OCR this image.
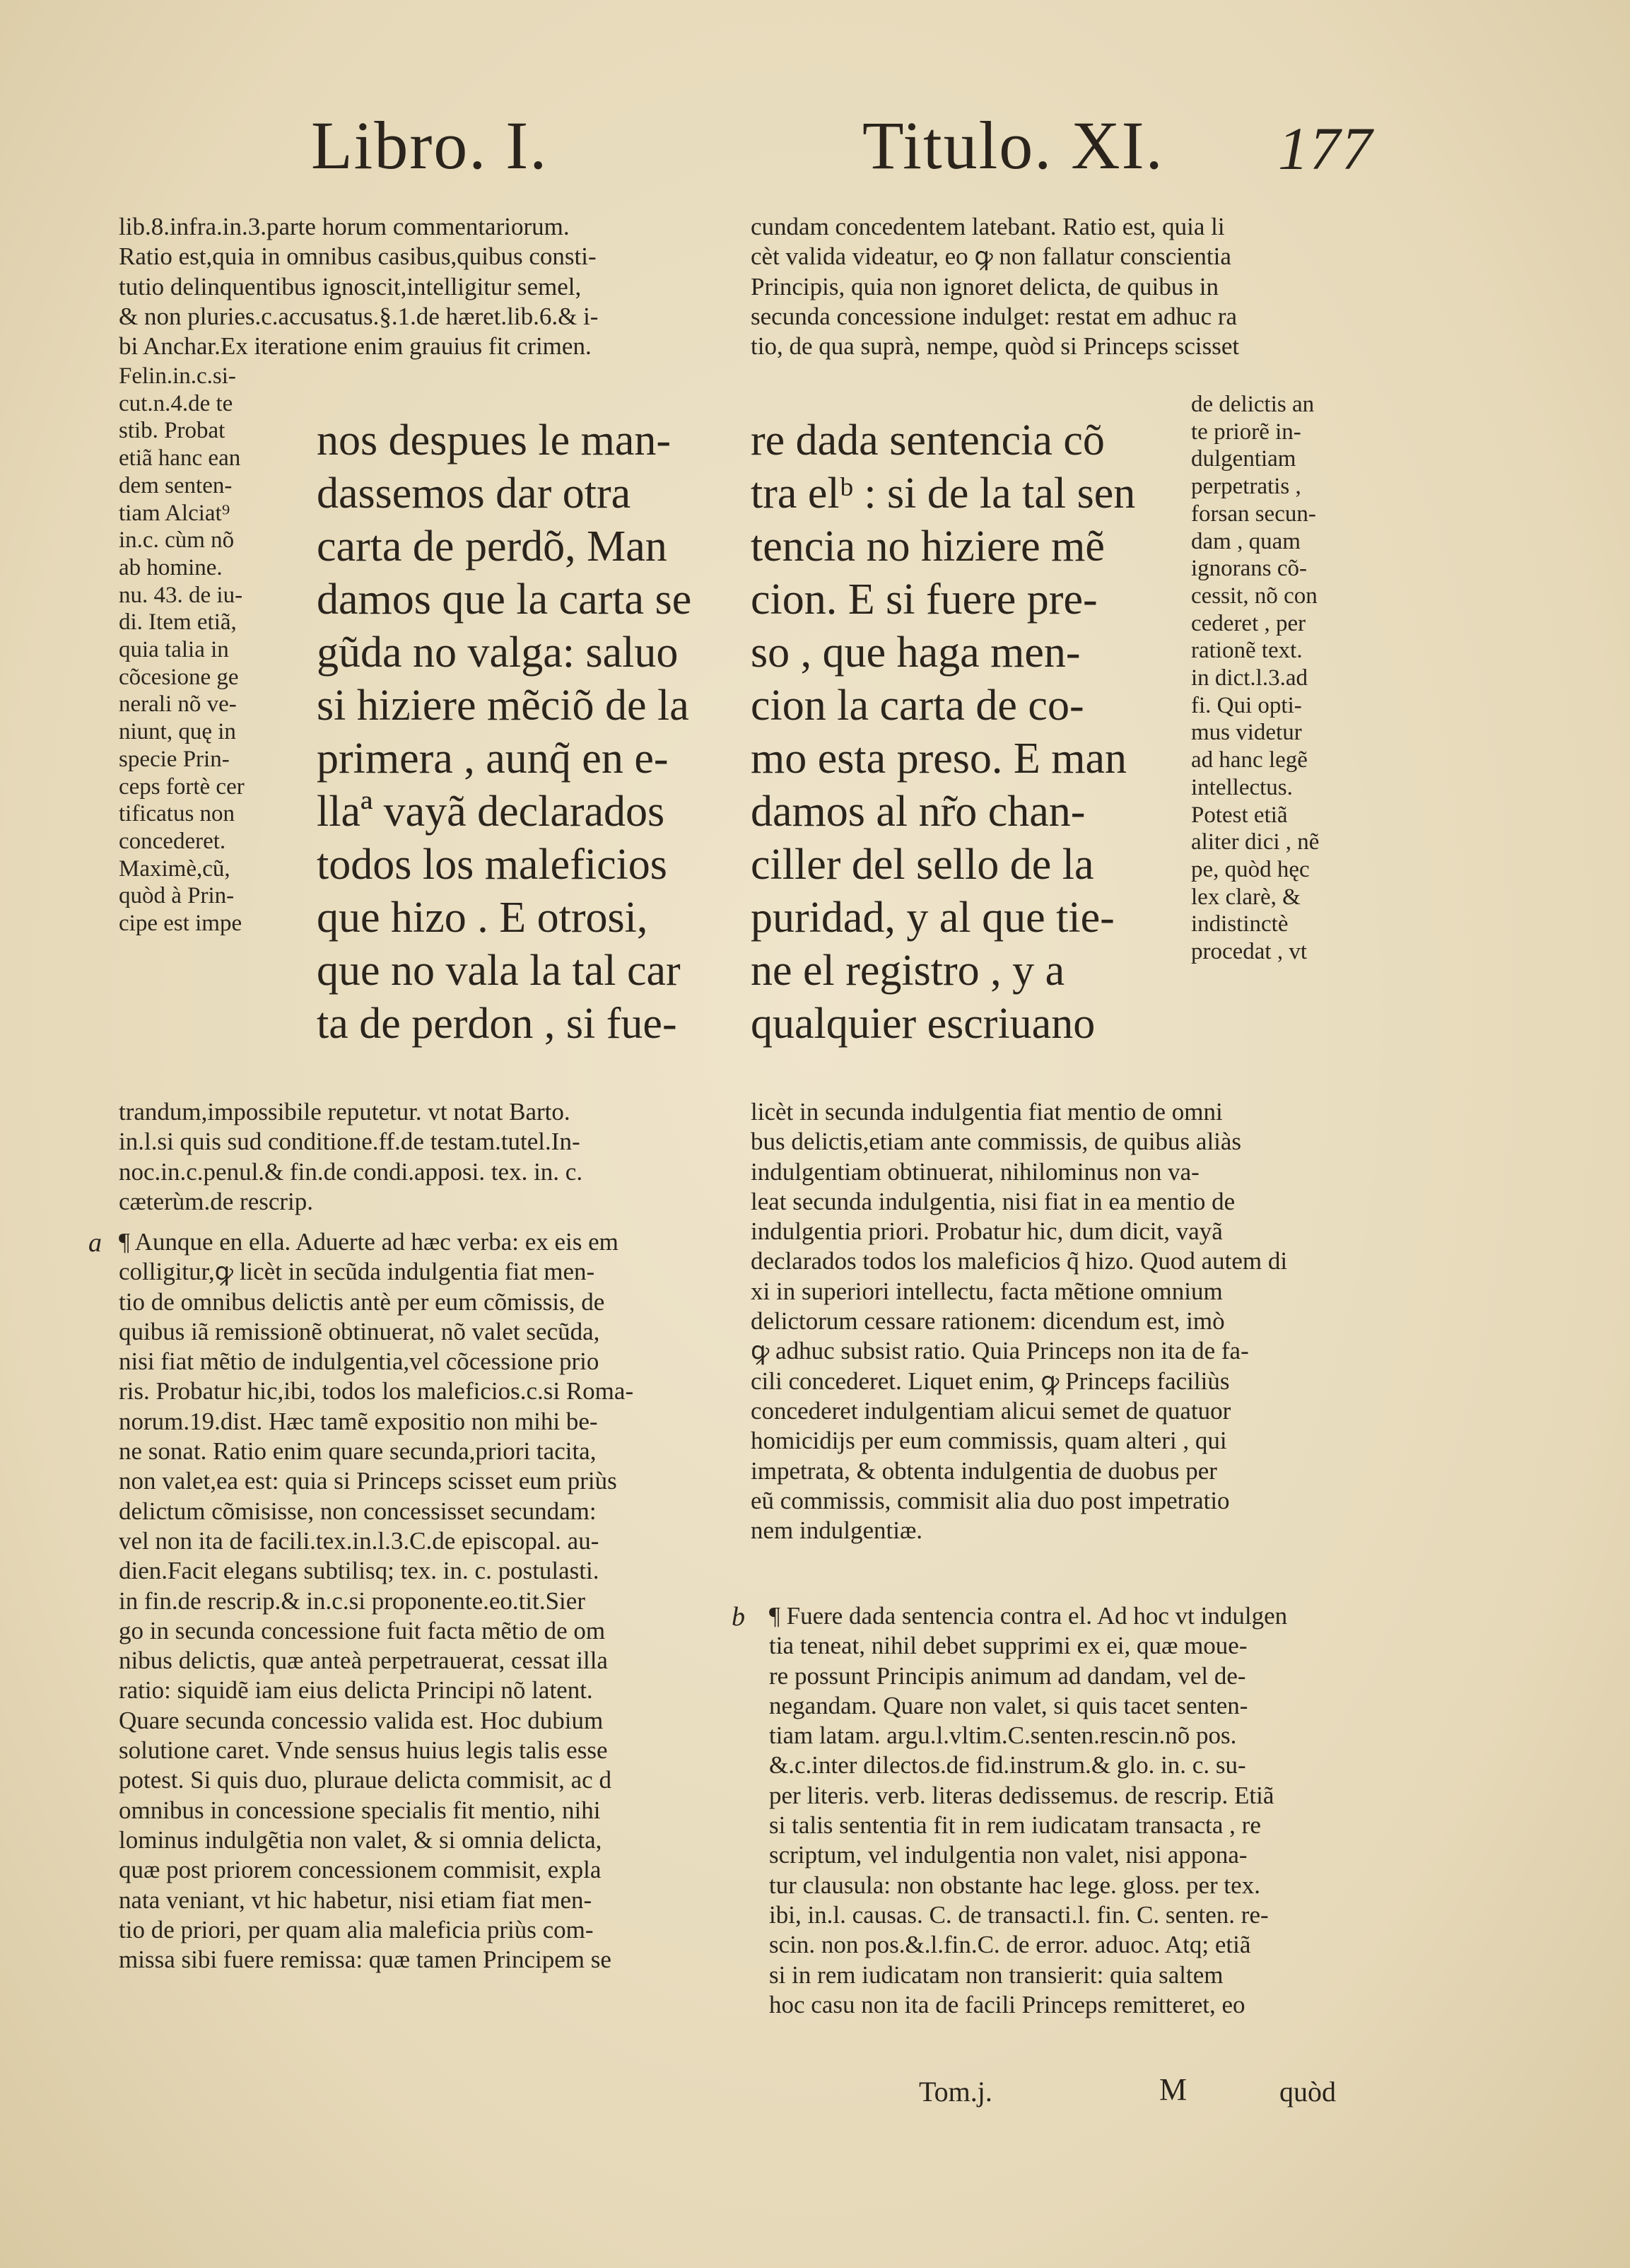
Libro. I.	Titulo. XI. 177
lib.8.infra.in.3.parte horum commentariorum.
Ratio est,quia in omnibus casibus,quibus consti-
tutio delinquentibus ignoscit,intelligitur semel,
& non pluries.c.accusatus.§.1.de hæret.lib.6.& i-
bi Anchar.Ex iteratione enim grauius fit crimen.
Felin.in.c.si-
cut.n.4.de te
stib. Probat
etiã hanc ean
dem senten-
tiam Alciat⁹
in.c. cùm nõ
ab homine.
nu. 43. de iu-
di. Item etiã,
quia talia in
cõcesione ge
nerali nõ ve-
niunt, quę in
specie Prin-
ceps fortè cer
tificatus non
concederet.
Maximè,cũ,
quòd à Prin-
cipe est impe
nos despues le man-
dassemos dar otra
carta de perdõ, Man
damos que la carta se
gũda no valga: saluo
si hiziere mẽciõ de la
primera , aunq̃ en e-
llaª vayã declarados
todos los maleficios
que hizo . E otrosi,
que no vala la tal car
ta de perdon , si fue-
trandum,impossibile reputetur. vt notat Barto.
in.l.si quis sud conditione.ff.de testam.tutel.In-
noc.in.c.penul.& fin.de condi.apposi. tex. in. c.
cæterùm.de rescrip.
a ¶ Aunque en ella. Aduerte ad hæc verba: ex eis em
colligitur,ꝙ licèt in secũda indulgentia fiat men-
tio de omnibus delictis antè per eum cõmissis, de
quibus iã remissionẽ obtinuerat, nõ valet secũda,
nisi fiat mẽtio de indulgentia,vel cõcessione prio
ris. Probatur hic,ibi, todos los maleficios.c.si Roma-
norum.19.dist. Hæc tamẽ expositio non mihi be-
ne sonat. Ratio enim quare secunda,priori tacita,
non valet,ea est: quia si Princeps scisset eum priùs
delictum cõmisisse, non concessisset secundam:
vel non ita de facili.tex.in.l.3.C.de episcopal. au-
dien.Facit elegans subtilisq; tex. in. c. postulasti.
in fin.de rescrip.& in.c.si proponente.eo.tit.Sier
go in secunda concessione fuit facta mẽtio de om
nibus delictis, quæ anteà perpetrauerat, cessat illa
ratio: siquidẽ iam eius delicta Principi nõ latent.
Quare secunda concessio valida est. Hoc dubium
solutione caret. Vnde sensus huius legis talis esse
potest. Si quis duo, pluraue delicta commisit, ac d
omnibus in concessione specialis fit mentio, nihi
lominus indulgẽtia non valet, & si omnia delicta,
quæ post priorem concessionem commisit, expla
nata veniant, vt hic habetur, nisi etiam fiat men-
tio de priori, per quam alia maleficia priùs com-
missa sibi fuere remissa: quæ tamen Principem se
cundam concedentem latebant. Ratio est, quia li
cèt valida videatur, eo ꝙ non fallatur conscientia
Principis, quia non ignoret delicta, de quibus in
secunda concessione indulget: restat em adhuc ra
tio, de qua suprà, nempe, quòd si Princeps scisset
re dada sentencia cõ
tra elᵇ : si de la tal sen
tencia no hiziere mẽ
cion. E si fuere pre-
so , que haga men-
cion la carta de co-
mo esta preso. E man
damos al nr̃o chan-
ciller del sello de la
puridad, y al que tie-
ne el registro , y a
qualquier escriuano
de delictis an
te priorẽ in-
dulgentiam
perpetratis ,
forsan secun-
dam , quam
ignorans cõ-
cessit, nõ con
cederet , per
rationẽ text.
in dict.l.3.ad
fi. Qui opti-
mus videtur
ad hanc legẽ
intellectus.
Potest etiã
aliter dici , nẽ
pe, quòd hęc
lex clarè, &
indistinctè
procedat , vt
licèt in secunda indulgentia fiat mentio de omni
bus delictis,etiam ante commissis, de quibus aliàs
indulgentiam obtinuerat, nihilominus non va-
leat secunda indulgentia, nisi fiat in ea mentio de
indulgentia priori. Probatur hic, dum dicit, vayã
declarados todos los maleficios q̃ hizo. Quod autem di
xi in superiori intellectu, facta mẽtione omnium
delictorum cessare rationem: dicendum est, imò
ꝙ adhuc subsist ratio. Quia Princeps non ita de fa-
cili concederet. Liquet enim, ꝙ Princeps faciliùs
concederet indulgentiam alicui semet de quatuor
homicidijs per eum commissis, quam alteri , qui
impetrata, & obtenta indulgentia de duobus per
eũ commissis, commisit alia duo post impetratio
nem indulgentiæ.
b ¶ Fuere dada sentencia contra el. Ad hoc vt indulgen
tia teneat, nihil debet supprimi ex ei, quæ moue-
re possunt Principis animum ad dandam, vel de-
negandam. Quare non valet, si quis tacet senten-
tiam latam. argu.l.vltim.C.senten.rescin.nõ pos.
&.c.inter dilectos.de fid.instrum.& glo. in. c. su-
per literis. verb. literas dedissemus. de rescrip. Etiã
si talis sententia fit in rem iudicatam transacta , re
scriptum, vel indulgentia non valet, nisi appona-
tur clausula: non obstante hac lege. gloss. per tex.
ibi, in.l. causas. C. de transacti.l. fin. C. senten. re-
scin. non pos.&.l.fin.C. de error. aduoc. Atq; etiã
si in rem iudicatam non transierit: quia saltem
hoc casu non ita de facili Princeps remitteret, eo
Tom.j.	M	quòd
